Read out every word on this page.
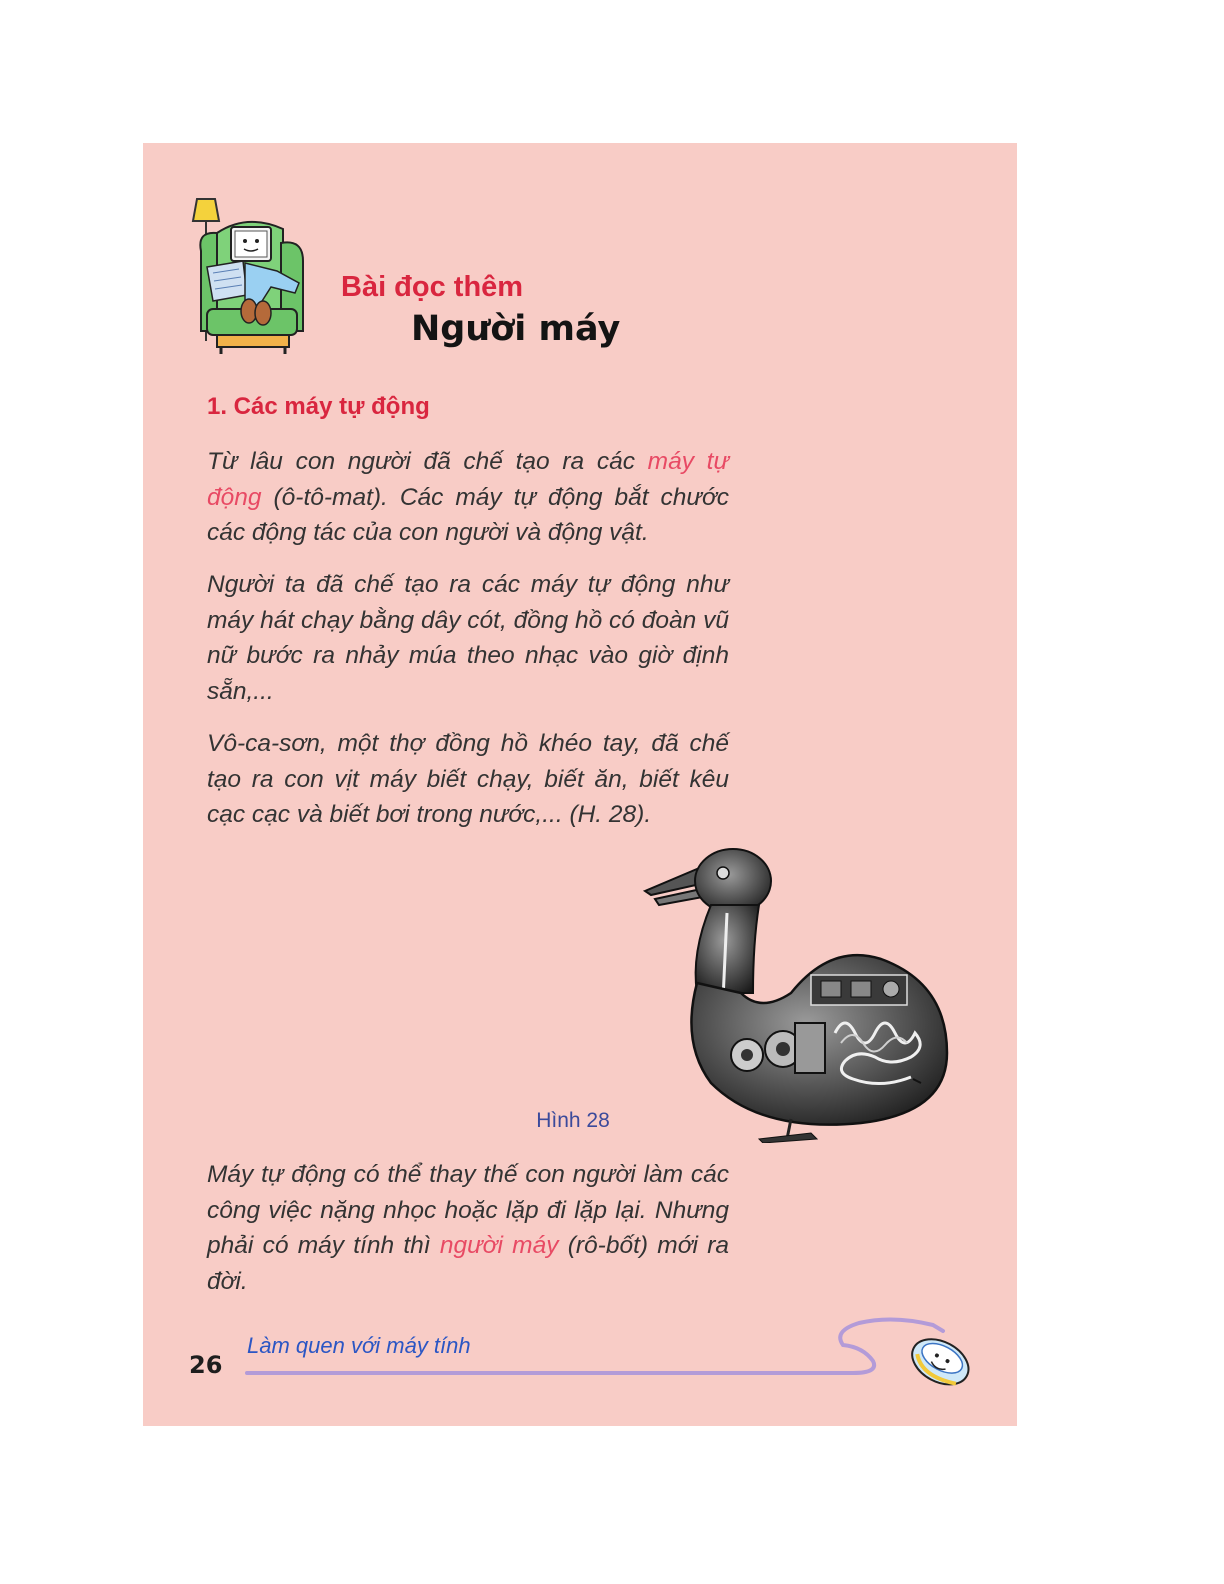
Bài đọc thêm

Người máy
1. Các máy tự động

Từ lâu con người đã chế tạo ra các máy tự động (ô-tô-mat). Các máy tự động bắt chước các động tác của con người và động vật.

Người ta đã chế tạo ra các máy tự động như máy hát chạy bằng dây cót, đồng hồ có đoàn vũ nữ bước ra nhảy múa theo nhạc vào giờ định sẵn,...

Vô-ca-sơn, một thợ đồng hồ khéo tay, đã chế tạo ra con vịt máy biết chạy, biết ăn, biết kêu cạc cạc và biết bơi trong nước,... (H. 28).

Hình 28

Máy tự động có thể thay thế con người làm các công việc nặng nhọc hoặc lặp đi lặp lại. Nhưng phải có máy tính thì người máy (rô-bốt) mới ra đời.

26
Làm quen với máy tính
